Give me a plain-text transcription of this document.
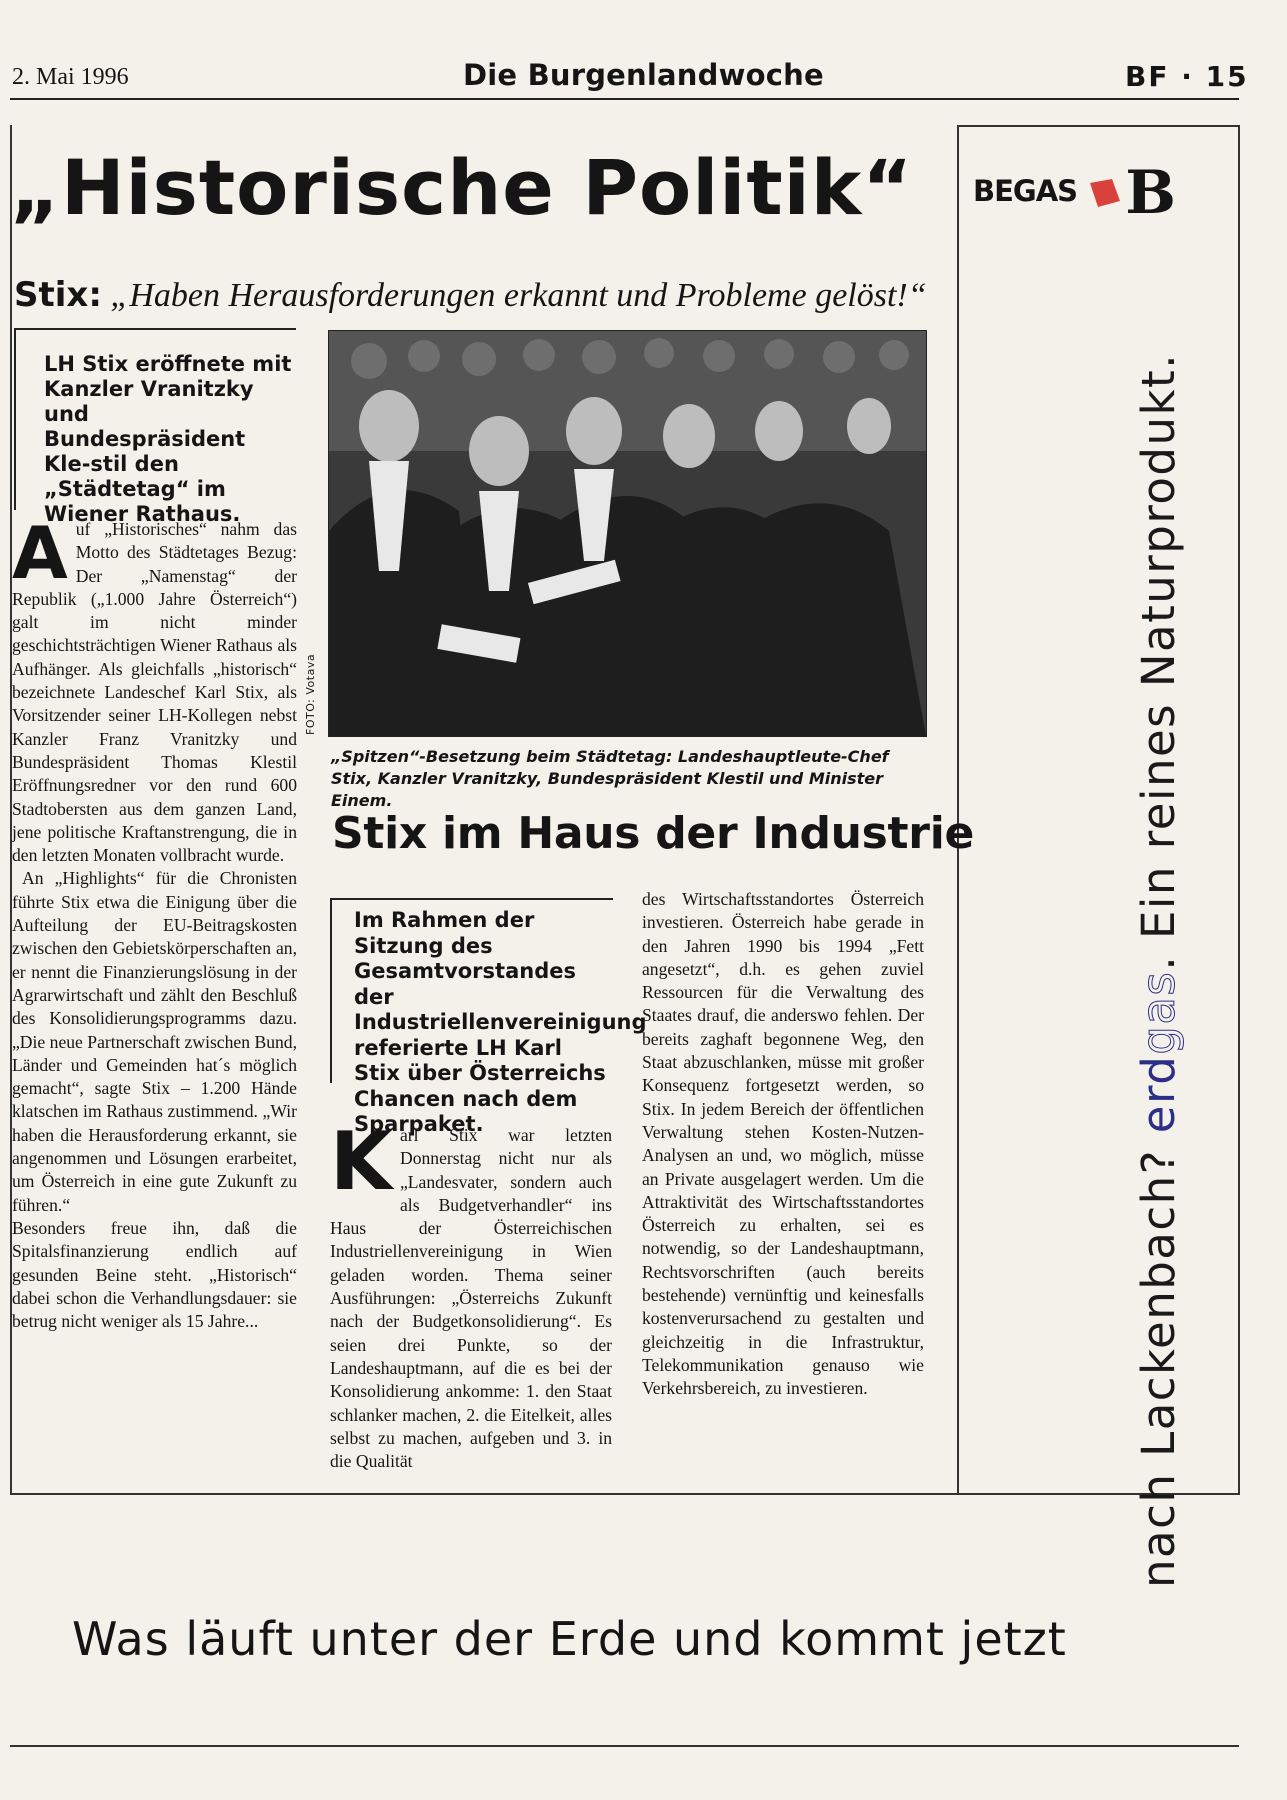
2. Mai 1996	Die Burgenlandwoche	BF · 15
„Historische Politik“
Stix: „Haben Herausforderungen erkannt und Probleme gelöst!“

LH Stix eröffnete mit Kanzler Vranitzky und Bundespräsident Kle-stil den „Städtetag“ im Wiener Rathaus.

Auf „Historisches“ nahm das Motto des Städtetages Bezug: Der „Namenstag“ der Republik („1.000 Jahre Österreich“) galt im nicht minder geschichtsträchtigen Wiener Rathaus als Aufhänger. Als gleichfalls „historisch“ bezeichnete Landeschef Karl Stix, als Vorsitzender seiner LH-Kollegen nebst Kanzler Franz Vranitzky und Bundespräsident Thomas Klestil Eröffnungsredner vor den rund 600 Stadtobersten aus dem ganzen Land, jene politische Kraftanstrengung, die in den letzten Monaten vollbracht wurde.

An „Highlights“ für die Chronisten führte Stix etwa die Einigung über die Aufteilung der EU-Beitragskosten zwischen den Gebietskörperschaften an, er nennt die Finanzierungslösung in der Agrarwirtschaft und zählt den Beschluß des Konsolidierungsprogramms dazu. „Die neue Partnerschaft zwischen Bund, Länder und Gemeinden hat´s möglich gemacht“, sagte Stix – 1.200 Hände klatschen im Rathaus zustimmend. „Wir haben die Herausforderung erkannt, sie angenommen und Lösungen erarbeitet, um Österreich in eine gute Zukunft zu führen.“

Besonders freue ihn, daß die Spitalsfinanzierung endlich auf gesunden Beine steht. „Historisch“ dabei schon die Verhandlungsdauer: sie betrug nicht weniger als 15 Jahre...

FOTO: Votava

„Spitzen“-Besetzung beim Städtetag: Landeshauptleute-Chef Stix, Kanzler Vranitzky, Bundespräsident Klestil und Minister Einem.

Stix im Haus der Industrie

Im Rahmen der Sitzung des Gesamtvorstandes der Industriellenvereinigung referierte LH Karl Stix über Österreichs Chancen nach dem Sparpaket.

Karl Stix war letzten Donnerstag nicht nur als „Landesvater, sondern auch als Budgetverhandler“ ins Haus der Österreichischen Industriellenvereinigung in Wien geladen worden. Thema seiner Ausführungen: „Österreichs Zukunft nach der Budgetkonsolidierung“. Es seien drei Punkte, so der Landeshauptmann, auf die es bei der Konsolidierung ankomme: 1. den Staat schlanker machen, 2. die Eitelkeit, alles selbst zu machen, aufgeben und 3. in die Qualität

des Wirtschaftsstandortes Österreich investieren. Österreich habe gerade in den Jahren 1990 bis 1994 „Fett angesetzt“, d.h. es gehen zuviel Ressourcen für die Verwaltung des Staates drauf, die anderswo fehlen. Der bereits zaghaft begonnene Weg, den Staat abzuschlanken, müsse mit großer Konsequenz fortgesetzt werden, so Stix. In jedem Bereich der öffentlichen Verwaltung stehen Kosten-Nutzen-Analysen an und, wo möglich, müsse an Private ausgelagert werden. Um die Attraktivität des Wirtschaftsstandortes Österreich zu erhalten, sei es notwendig, so der Landeshauptmann, Rechtsvorschriften (auch bereits bestehende) vernünftig und keinesfalls kostenverursachend zu gestalten und gleichzeitig in die Infrastruktur, Telekommunikation genauso wie Verkehrsbereich, zu investieren.

BEGAS B
nach Lackenbach? erdgas. Ein reines Naturprodukt.
Was läuft unter der Erde und kommt jetzt
